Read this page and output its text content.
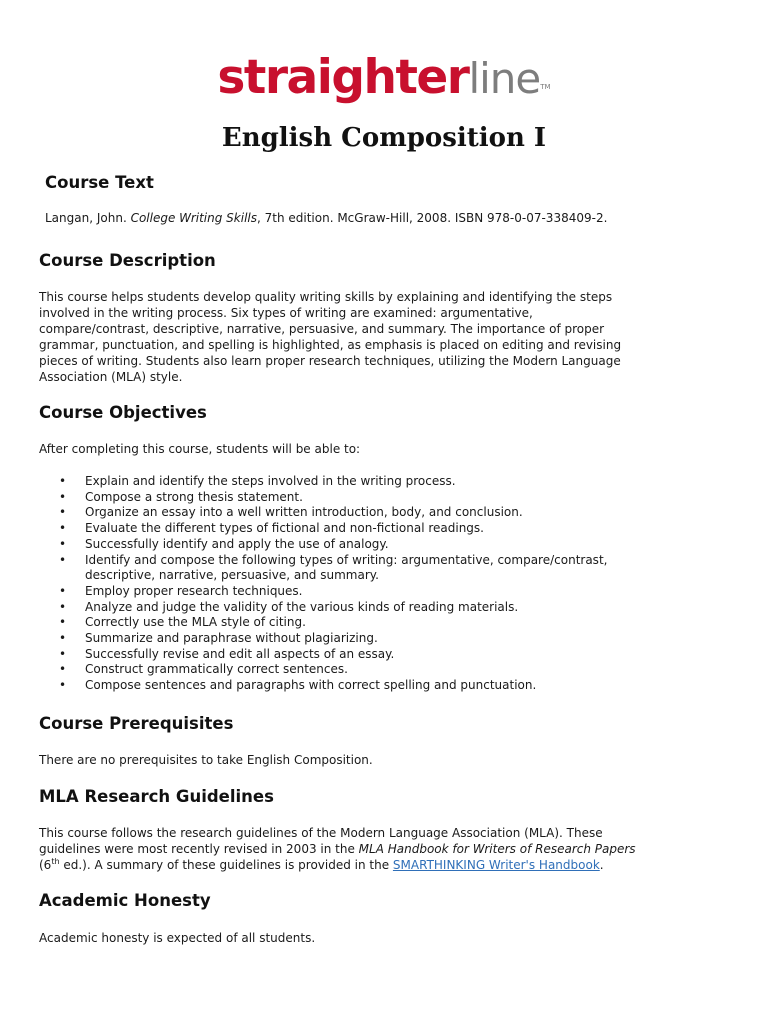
straighterline™
English Composition I
Course Text

Langan, John. College Writing Skills, 7th edition. McGraw-Hill, 2008. ISBN 978-0-07-338409-2.

Course Description

This course helps students develop quality writing skills by explaining and identifying the steps
involved in the writing process. Six types of writing are examined: argumentative,
compare/contrast, descriptive, narrative, persuasive, and summary. The importance of proper
grammar, punctuation, and spelling is highlighted, as emphasis is placed on editing and revising
pieces of writing. Students also learn proper research techniques, utilizing the Modern Language
Association (MLA) style.

Course Objectives

After completing this course, students will be able to:

• Explain and identify the steps involved in the writing process.
• Compose a strong thesis statement.
• Organize an essay into a well written introduction, body, and conclusion.
• Evaluate the different types of fictional and non-fictional readings.
• Successfully identify and apply the use of analogy.
• Identify and compose the following types of writing: argumentative, compare/contrast,
descriptive, narrative, persuasive, and summary.
• Employ proper research techniques.
• Analyze and judge the validity of the various kinds of reading materials.
• Correctly use the MLA style of citing.
• Summarize and paraphrase without plagiarizing.
• Successfully revise and edit all aspects of an essay.
• Construct grammatically correct sentences.
• Compose sentences and paragraphs with correct spelling and punctuation.
Course Prerequisites

There are no prerequisites to take English Composition.

MLA Research Guidelines

This course follows the research guidelines of the Modern Language Association (MLA). These
guidelines were most recently revised in 2003 in the MLA Handbook for Writers of Research Papers
(6th ed.). A summary of these guidelines is provided in the SMARTHINKING Writer's Handbook.

Academic Honesty

Academic honesty is expected of all students.
